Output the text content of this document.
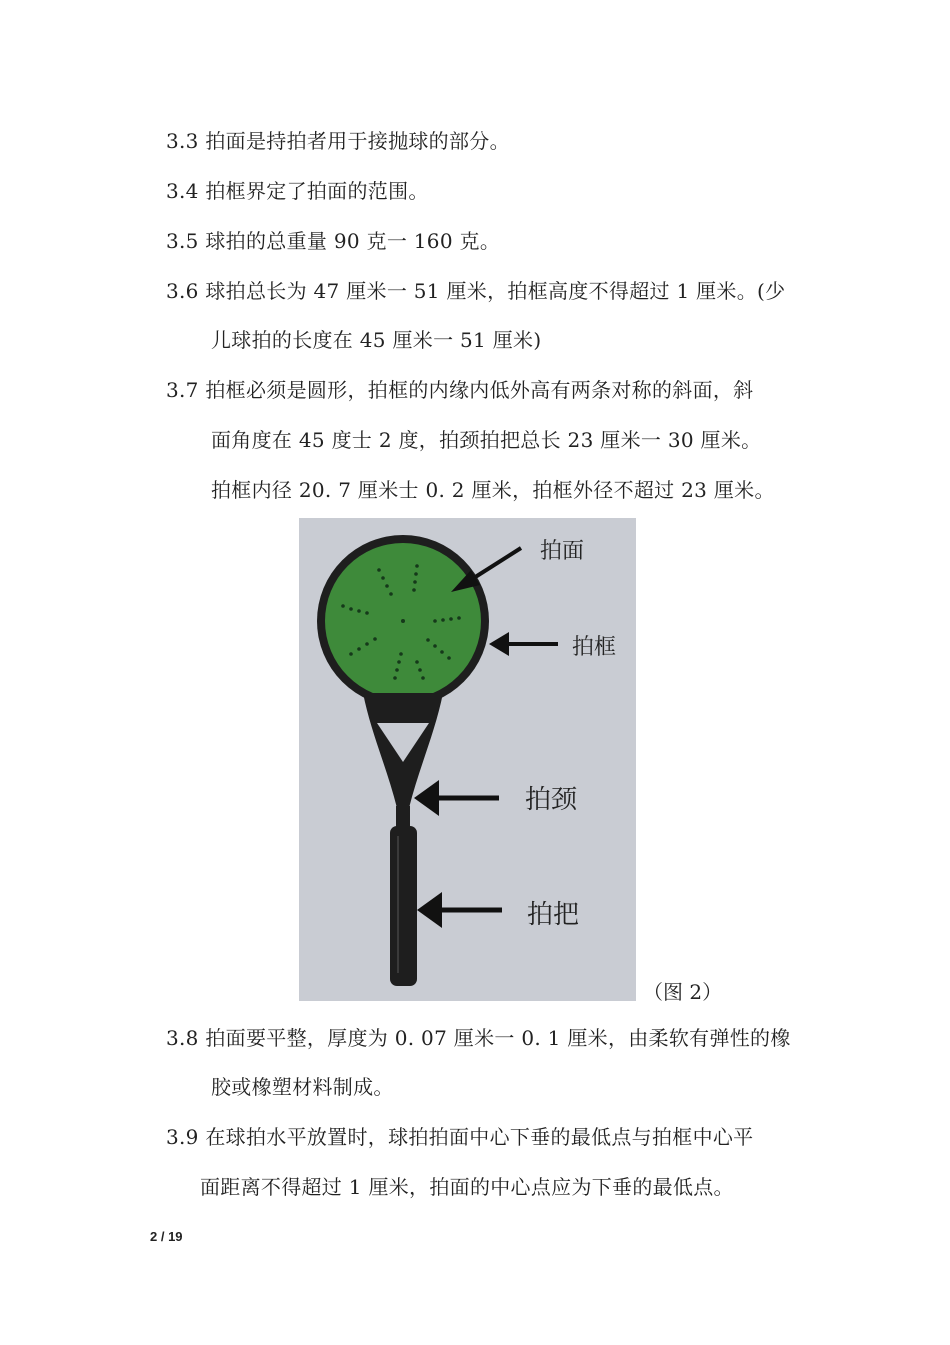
3.3 拍面是持拍者用于接抛球的部分。
3.4 拍框界定了拍面的范围。
3.5 球拍的总重量 90 克一 160 克。
3.6 球拍总长为 47 厘米一 51 厘米，拍框高度不得超过 1 厘米。(少
儿球拍的长度在 45 厘米一 51 厘米)
3.7 拍框必须是圆形，拍框的内缘内低外高有两条对称的斜面，斜
面角度在 45 度士 2 度，拍颈拍把总长 23 厘米一 30 厘米。
拍框内径 20. 7 厘米士 0. 2 厘米，拍框外径不超过 23 厘米。
拍面
拍框
拍颈
拍把
（图 2）
3.8 拍面要平整，厚度为 0. 07 厘米一 0. 1 厘米，由柔软有弹性的橡
胶或橡塑材料制成。
3.9 在球拍水平放置时，球拍拍面中心下垂的最低点与拍框中心平
面距离不得超过 1 厘米，拍面的中心点应为下垂的最低点。
2 / 19
